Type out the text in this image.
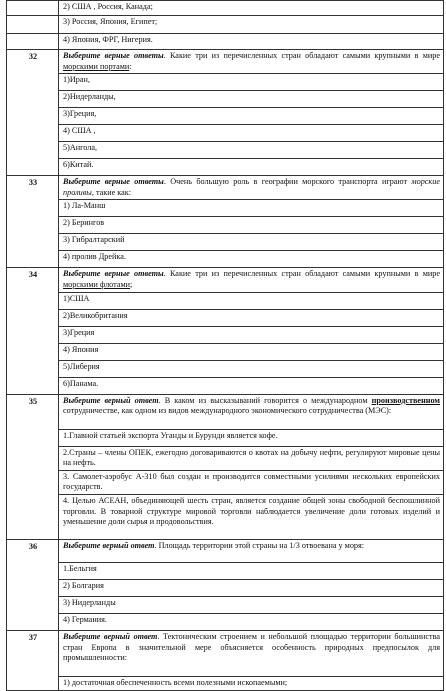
	2) США , Россия, Канада;
	3) Россия, Япония, Египет;
	4) Япония, ФРГ, Нигерия.
32	Выберите верные ответы. Какие три из перечисленных стран обладают самыми крупными в мире морскими портами:
	1)Иран,
	2)Нидерланды,
	3)Греция,
	4) США ,
	5)Ангола,
	6)Китай.
33	Выберите верные ответы. Очень большую роль в географии морского транспорта играют морские проливы, такие как:
	1) Ла-Манш
	2) Берингов
	3) Гибралтарский
	4) пролив Дрейка.
34	Выберите верные ответы. Какие три из перечисленных стран обладают самыми крупными в мире морскими флотами;
	1)США
	2)Великобритания
	3)Греция
	4) Япония
	5)Либерия
	6)Панама.
35	Выберите верный ответ. В каком из высказываний говорится о международном производственном сотрудничестве, как одном из видов международного экономического сотрудничества (МЭС):
	1.Главной статьей экспорта Уганды и Бурунди является кофе.
	2.Страны – члены ОПЕК, ежегодно договариваются о квотах на добычу нефти, регулируют мировые цены на нефть.
	3. Самолет-аэробус А-310 был создан и производится совместными усилиями нескольких европейских государств.
	4. Целью АСЕАН, объединяющей шесть стран, является создание общей зоны свободной беспошлинной торговли. В товарной структуре мировой торговли наблюдается увеличение доли готовых изделий и уменьшение доли сырья и продовольствия.
36	Выберите верный ответ. Площадь территории этой страны на 1/3 отвоевана у моря:
	1.Бельгия
	2) Болгария
	3) Нидерланды
	4) Германия.
37	Выберите верный ответ. Тектоническим строением и небольшой площадью территории большинства стран Европа в значительной мере объясняется особенность природных предпосылок для промышленности:
	1) достаточная обеспеченность всеми полезными ископаемыми;
